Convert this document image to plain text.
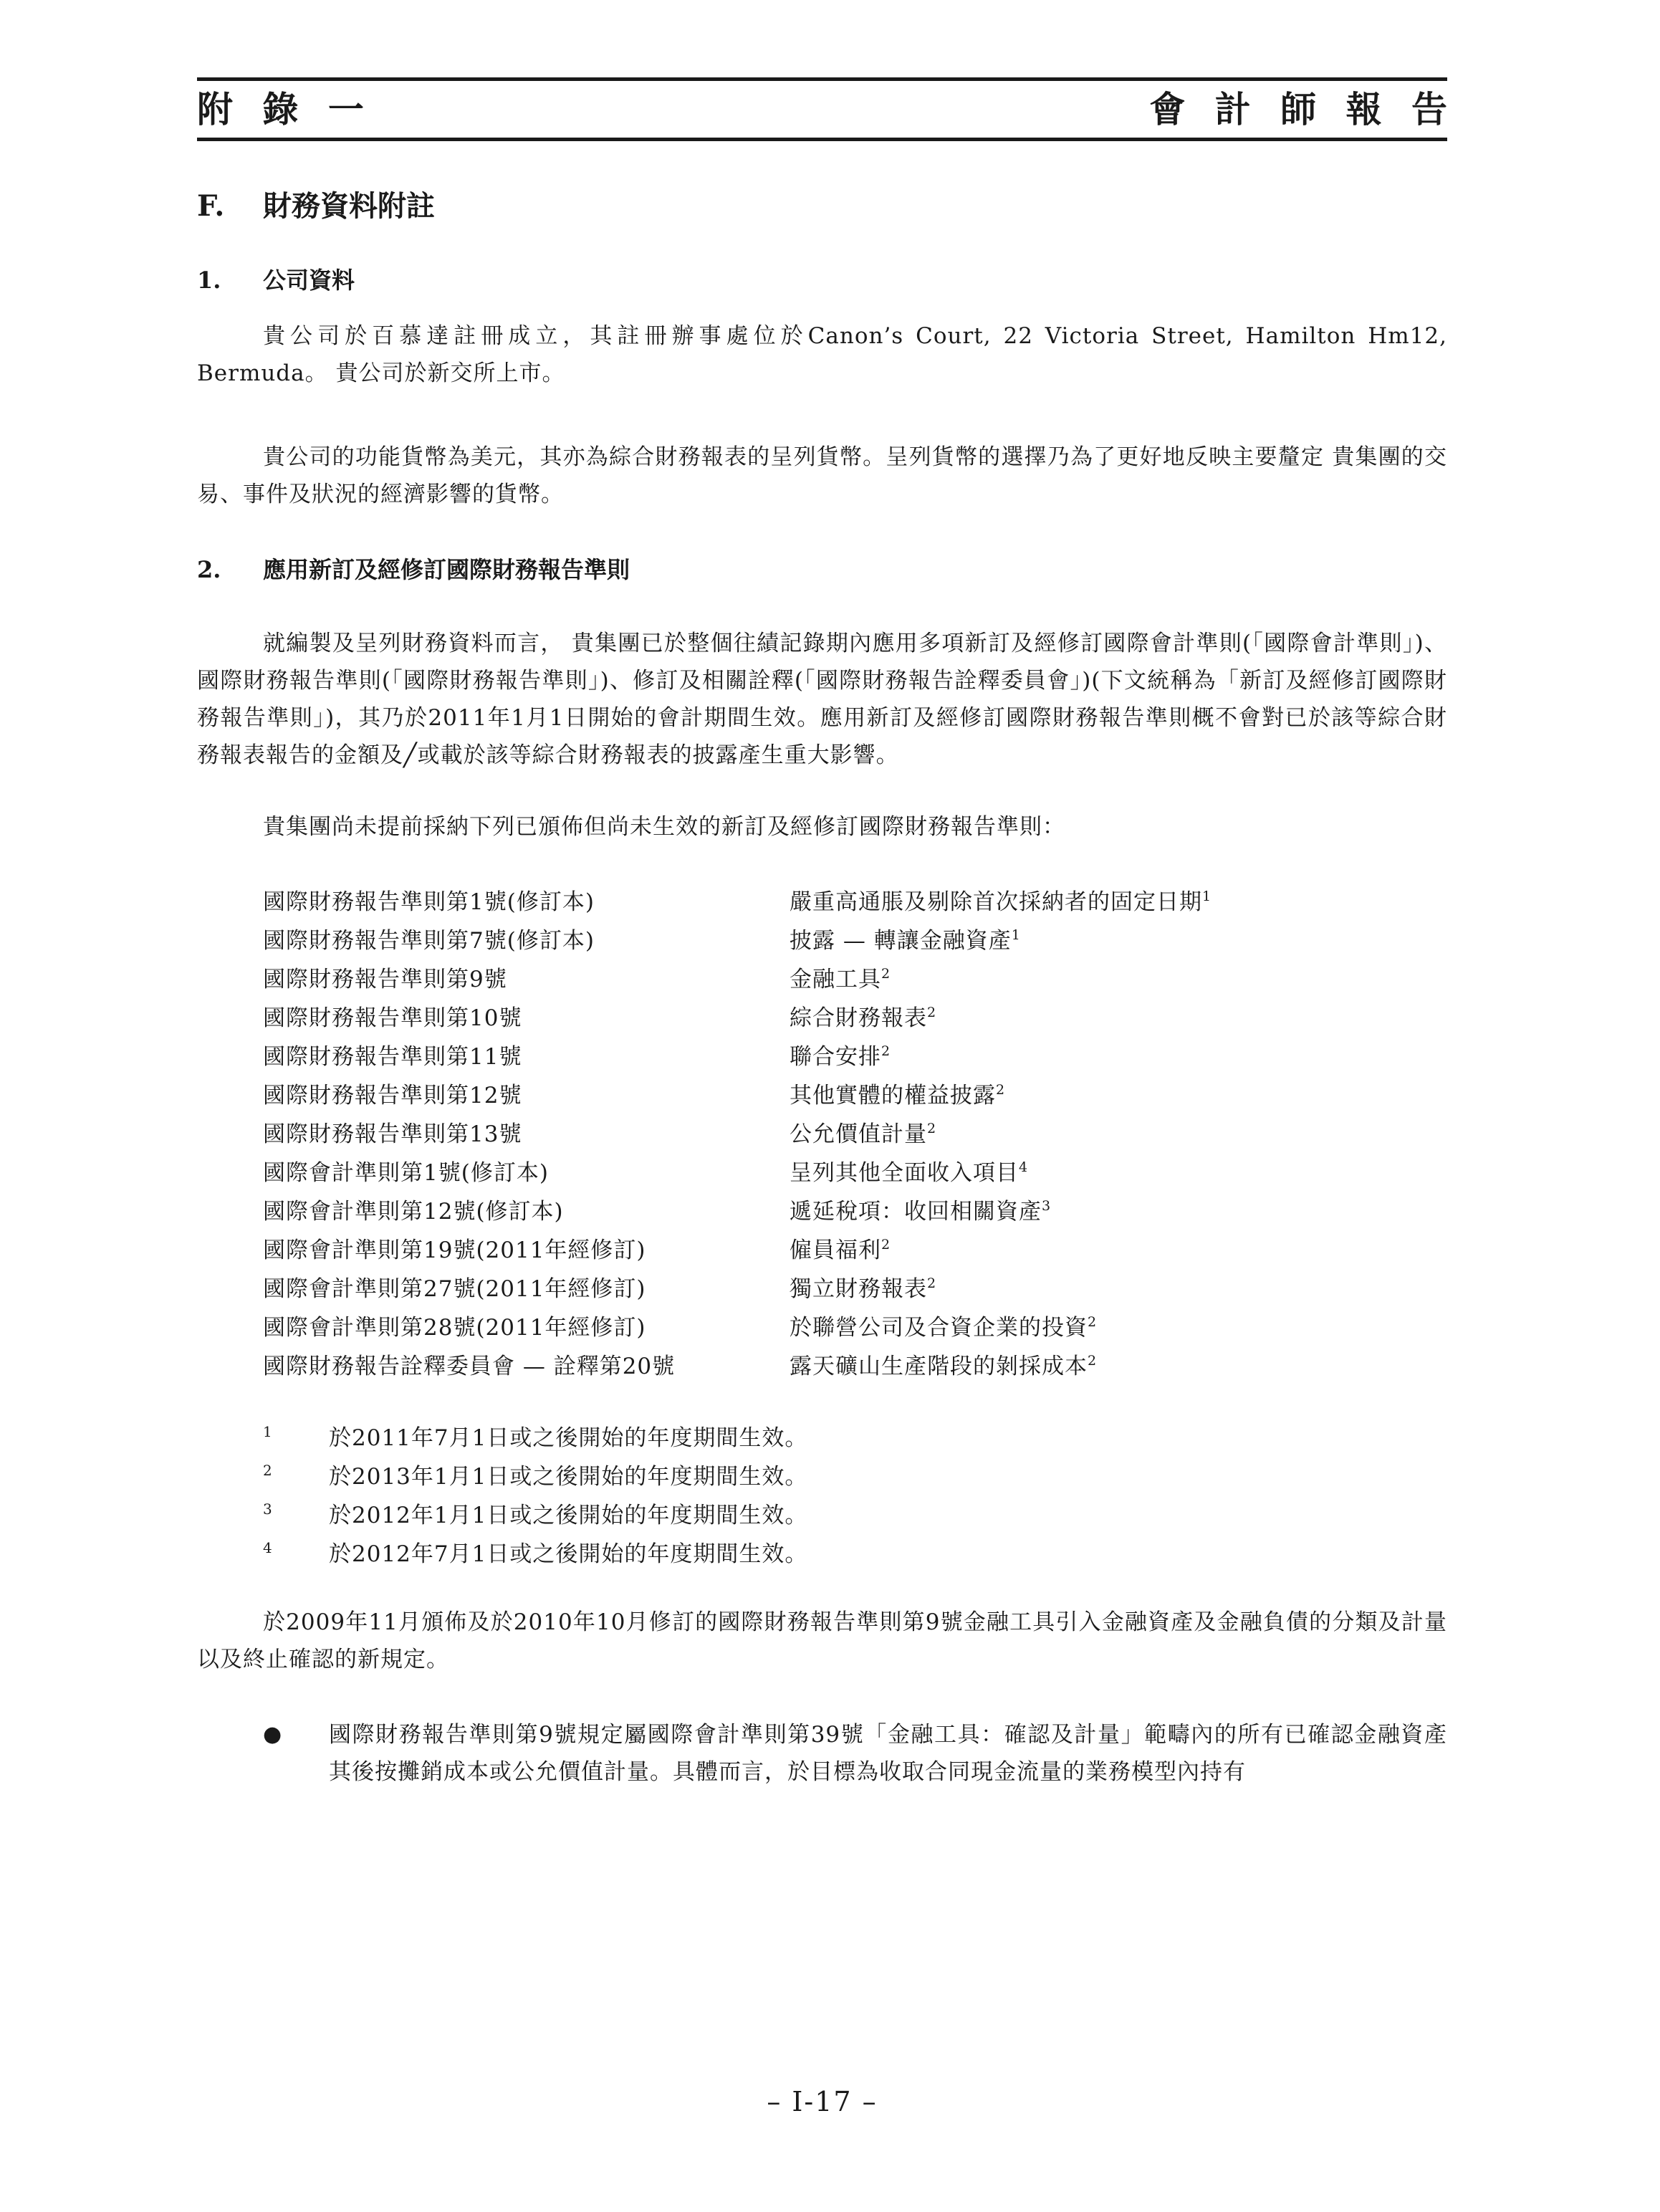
附 錄 一	會 計 師 報 告
F.	財務資料附註
1.	公司資料

貴公司於百慕達註冊成立，其註冊辦事處位於Canon’s Court, 22 Victoria Street, Hamilton Hm12, Bermuda。 貴公司於新交所上市。

貴公司的功能貨幣為美元，其亦為綜合財務報表的呈列貨幣。呈列貨幣的選擇乃為了更好地反映主要釐定 貴集團的交易、事件及狀況的經濟影響的貨幣。

2.	應用新訂及經修訂國際財務報告準則

就編製及呈列財務資料而言， 貴集團已於整個往績記錄期內應用多項新訂及經修訂國際會計準則(「國際會計準則」)、國際財務報告準則(「國際財務報告準則」)、修訂及相關詮釋(「國際財務報告詮釋委員會」)(下文統稱為「新訂及經修訂國際財務報告準則」)，其乃於2011年1月1日開始的會計期間生效。應用新訂及經修訂國際財務報告準則概不會對已於該等綜合財務報表報告的金額及╱或載於該等綜合財務報表的披露產生重大影響。

貴集團尚未提前採納下列已頒佈但尚未生效的新訂及經修訂國際財務報告準則：

國際財務報告準則第1號(修訂本)	嚴重高通脹及剔除首次採納者的固定日期$^1$
國際財務報告準則第7號(修訂本)	披露 — 轉讓金融資產$^1$
國際財務報告準則第9號	金融工具$^2$
國際財務報告準則第10號	綜合財務報表$^2$
國際財務報告準則第11號	聯合安排$^2$
國際財務報告準則第12號	其他實體的權益披露$^2$
國際財務報告準則第13號	公允價值計量$^2$
國際會計準則第1號(修訂本)	呈列其他全面收入項目$^4$
國際會計準則第12號(修訂本)	遞延稅項：收回相關資產$^3$
國際會計準則第19號(2011年經修訂)	僱員福利$^2$
國際會計準則第27號(2011年經修訂)	獨立財務報表$^2$
國際會計準則第28號(2011年經修訂)	於聯營公司及合資企業的投資$^2$
國際財務報告詮釋委員會 — 詮釋第20號	露天礦山生產階段的剝採成本$^2$
1	於2011年7月1日或之後開始的年度期間生效。
2	於2013年1月1日或之後開始的年度期間生效。
3	於2012年1月1日或之後開始的年度期間生效。
4	於2012年7月1日或之後開始的年度期間生效。

於2009年11月頒佈及於2010年10月修訂的國際財務報告準則第9號金融工具引入金融資產及金融負債的分類及計量以及終止確認的新規定。

●	國際財務報告準則第9號規定屬國際會計準則第39號「金融工具：確認及計量」範疇內的所有已確認金融資產其後按攤銷成本或公允價值計量。具體而言，於目標為收取合同現金流量的業務模型內持有
– I-17 –
